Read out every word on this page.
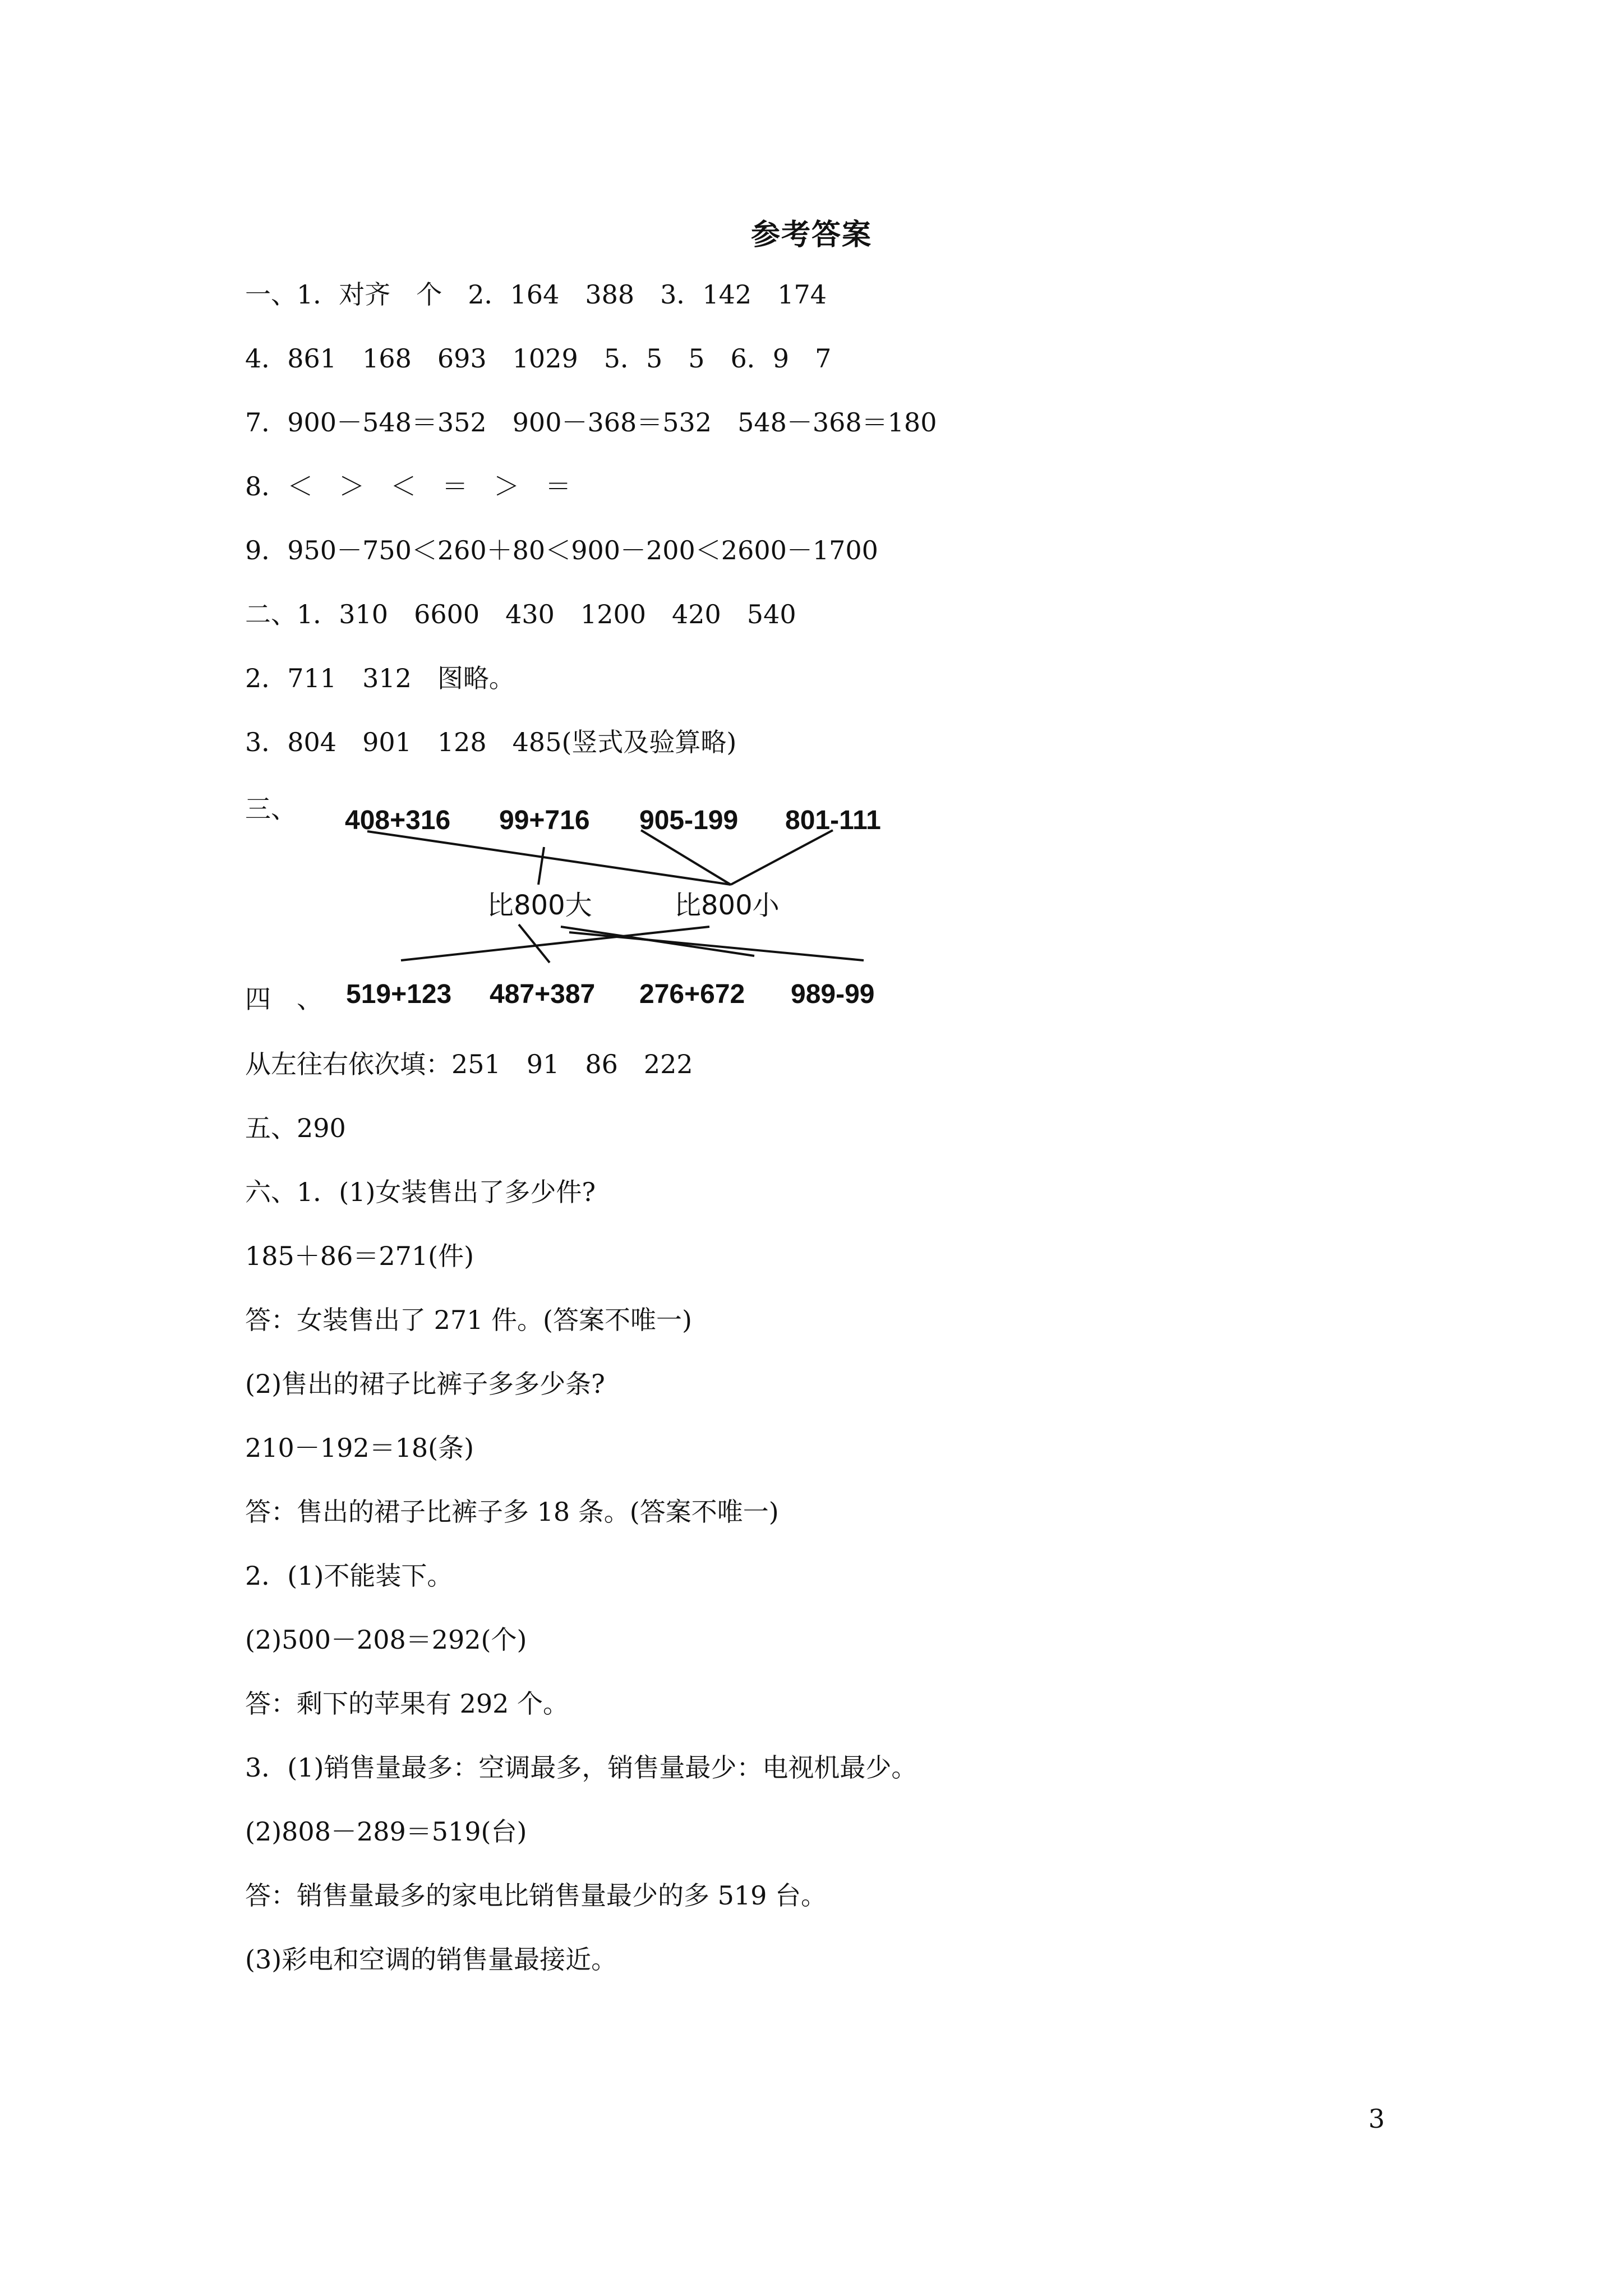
参考答案
一、1．对齐　个　2．164　388　3．142　174
4．861　168　693　1029　5．5　5　6．9　7
7．900－548＝352　900－368＝532　548－368＝180
8．＜　＞　＜　＝　＞　＝
9．950－750＜260＋80＜900－200＜2600－1700
二、1．310　6600　430　1200　420　540
2．711　312　图略。
3．804　901　128　485(竖式及验算略)
三、 408+316 99+716 905-199 801-111
比800大	比800小
四　、 519+123 487+387 276+672 989-99
从左往右依次填：251　91　86　222
五、290
六、1．(1)女装售出了多少件?
185＋86＝271(件)
答：女装售出了 271 件。(答案不唯一)
(2)售出的裙子比裤子多多少条?
210－192＝18(条)
答：售出的裙子比裤子多 18 条。(答案不唯一)
2．(1)不能装下。
(2)500－208＝292(个)
答：剩下的苹果有 292 个。
3．(1)销售量最多：空调最多，销售量最少：电视机最少。
(2)808－289＝519(台)
答：销售量最多的家电比销售量最少的多 519 台。
(3)彩电和空调的销售量最接近。
3
